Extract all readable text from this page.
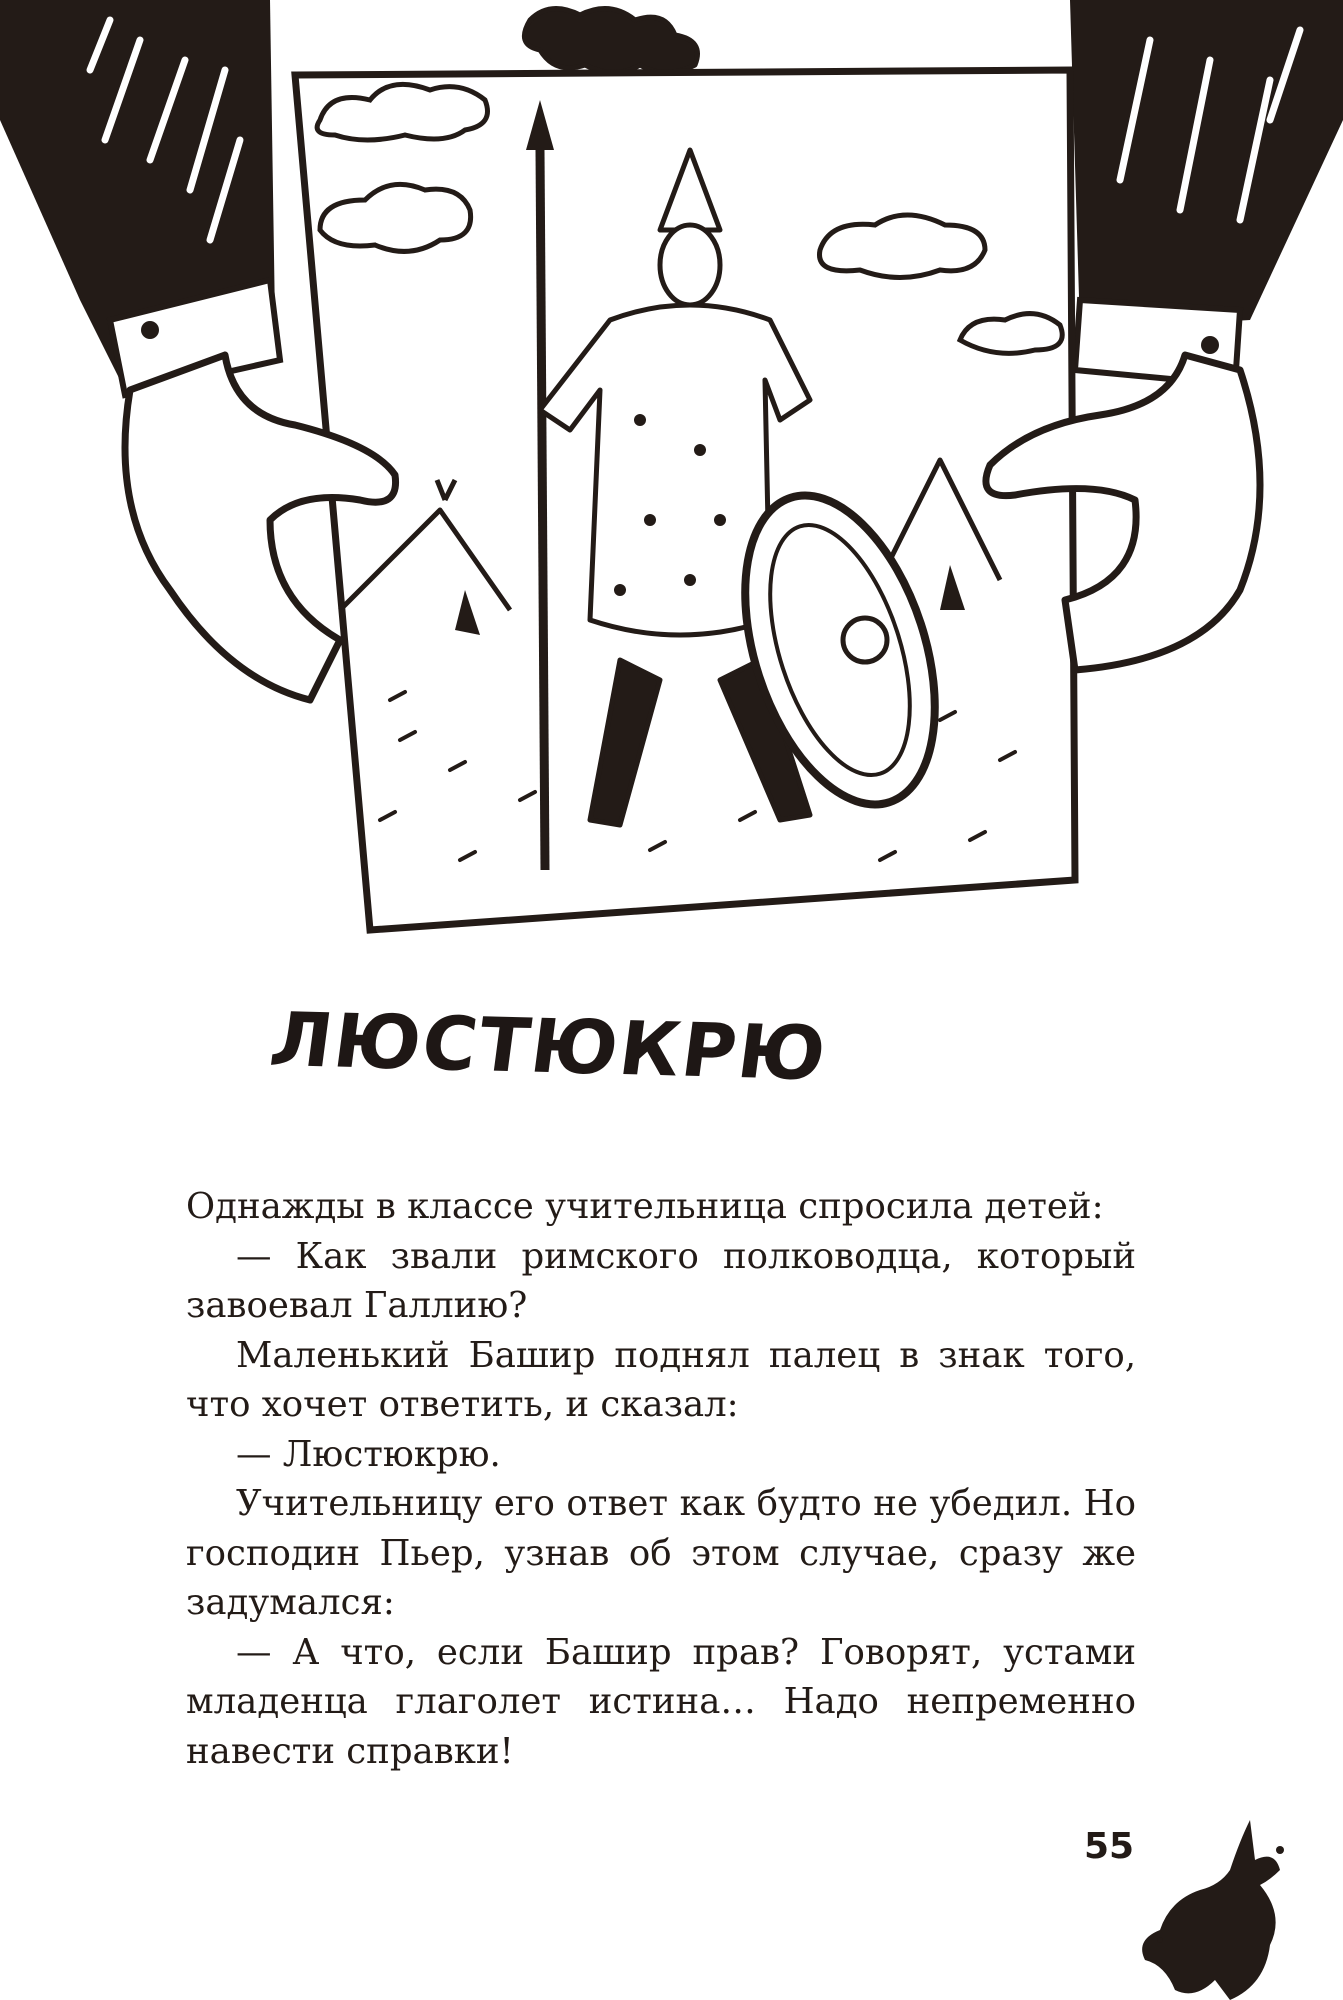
ЛЮСТЮКРЮ

Однажды в классе учительница спросила детей:

— Как звали римского полководца, который завоевал Галлию?

Маленький Башир поднял палец в знак того, что хочет ответить, и сказал:

— Люстюкрю.

Учительницу его ответ как будто не убедил. Но господин Пьер, узнав об этом случае, сразу же задумался:

— А что, если Башир прав? Говорят, устами младенца глаголет истина… Надо непременно навести справки!

55
